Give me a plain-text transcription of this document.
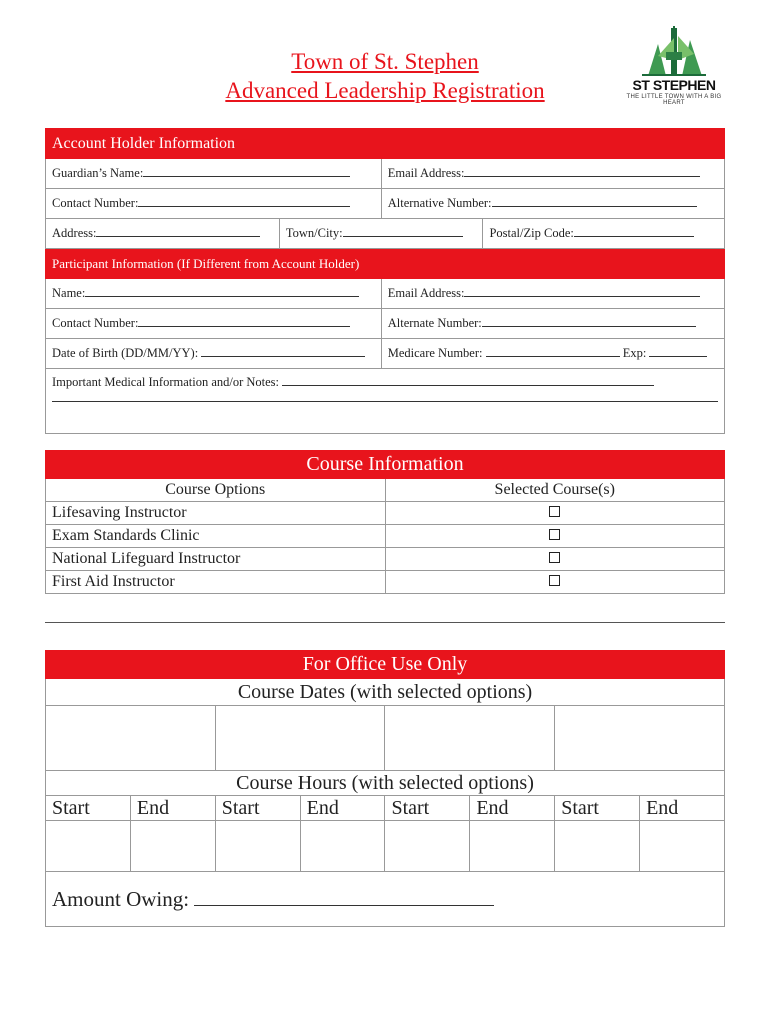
Town of St. Stephen
Advanced Leadership Registration	ST STEPHEN
THE LITTLE TOWN WITH A BIG HEART
Account Holder Information			
Guardian’s Name:		Email Address:	
Contact Number:		Alternative Number:	
Address:	Town/City:		Postal/Zip Code:
Participant Information (If Different from Account Holder)			
Name:		Email Address:	
Contact Number:		Alternate Number:	
Date of Birth (DD/MM/YY):		Medicare Number: Exp:	
Important Medical Information and/or Notes:			
Course Information	
Course Options	Selected Course(s)
Lifesaving Instructor	
Exam Standards Clinic	
National Lifeguard Instructor	
First Aid Instructor	
For Office Use Only							
Course Dates (with selected options)							

Course Hours (with selected options)							
Start	End	Start	End	Start	End	Start	End

Amount Owing:							
